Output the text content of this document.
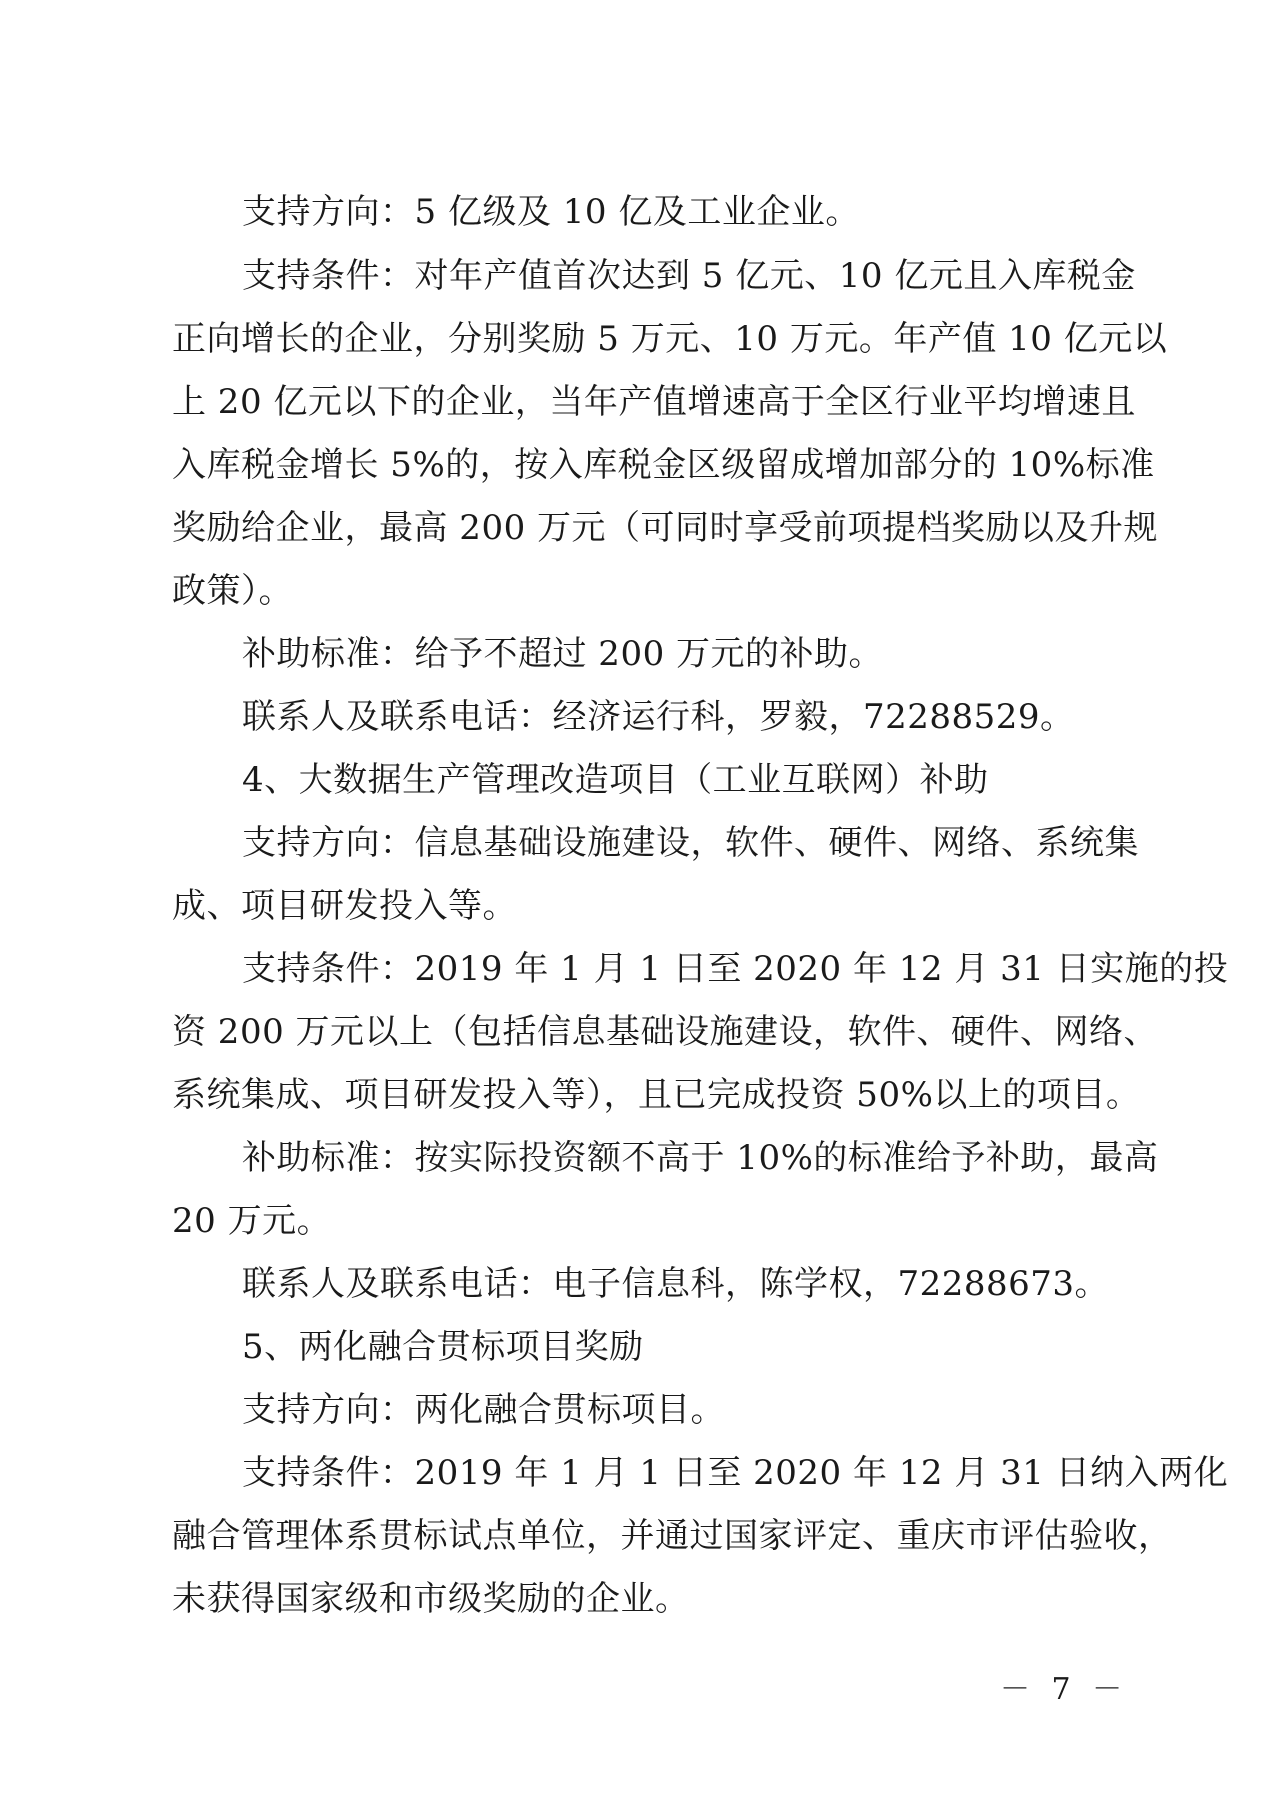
支持方向：5 亿级及 10 亿及工业企业。
支持条件：对年产值首次达到 5 亿元、10 亿元且入库税金
正向增长的企业，分别奖励 5 万元、10 万元。年产值 10 亿元以
上 20 亿元以下的企业，当年产值增速高于全区行业平均增速且
入库税金增长 5%的，按入库税金区级留成增加部分的 10%标准
奖励给企业，最高 200 万元（可同时享受前项提档奖励以及升规
政策）。
补助标准：给予不超过 200 万元的补助。
联系人及联系电话：经济运行科，罗毅，72288529。
4、大数据生产管理改造项目（工业互联网）补助
支持方向：信息基础设施建设，软件、硬件、网络、系统集
成、项目研发投入等。
支持条件：2019 年 1 月 1 日至 2020 年 12 月 31 日实施的投
资 200 万元以上（包括信息基础设施建设，软件、硬件、网络、
系统集成、项目研发投入等），且已完成投资 50%以上的项目。
补助标准：按实际投资额不高于 10%的标准给予补助，最高
20 万元。
联系人及联系电话：电子信息科，陈学权，72288673。
5、两化融合贯标项目奖励
支持方向：两化融合贯标项目。
支持条件：2019 年 1 月 1 日至 2020 年 12 月 31 日纳入两化
融合管理体系贯标试点单位，并通过国家评定、重庆市评估验收，
未获得国家级和市级奖励的企业。
－ 7 －
